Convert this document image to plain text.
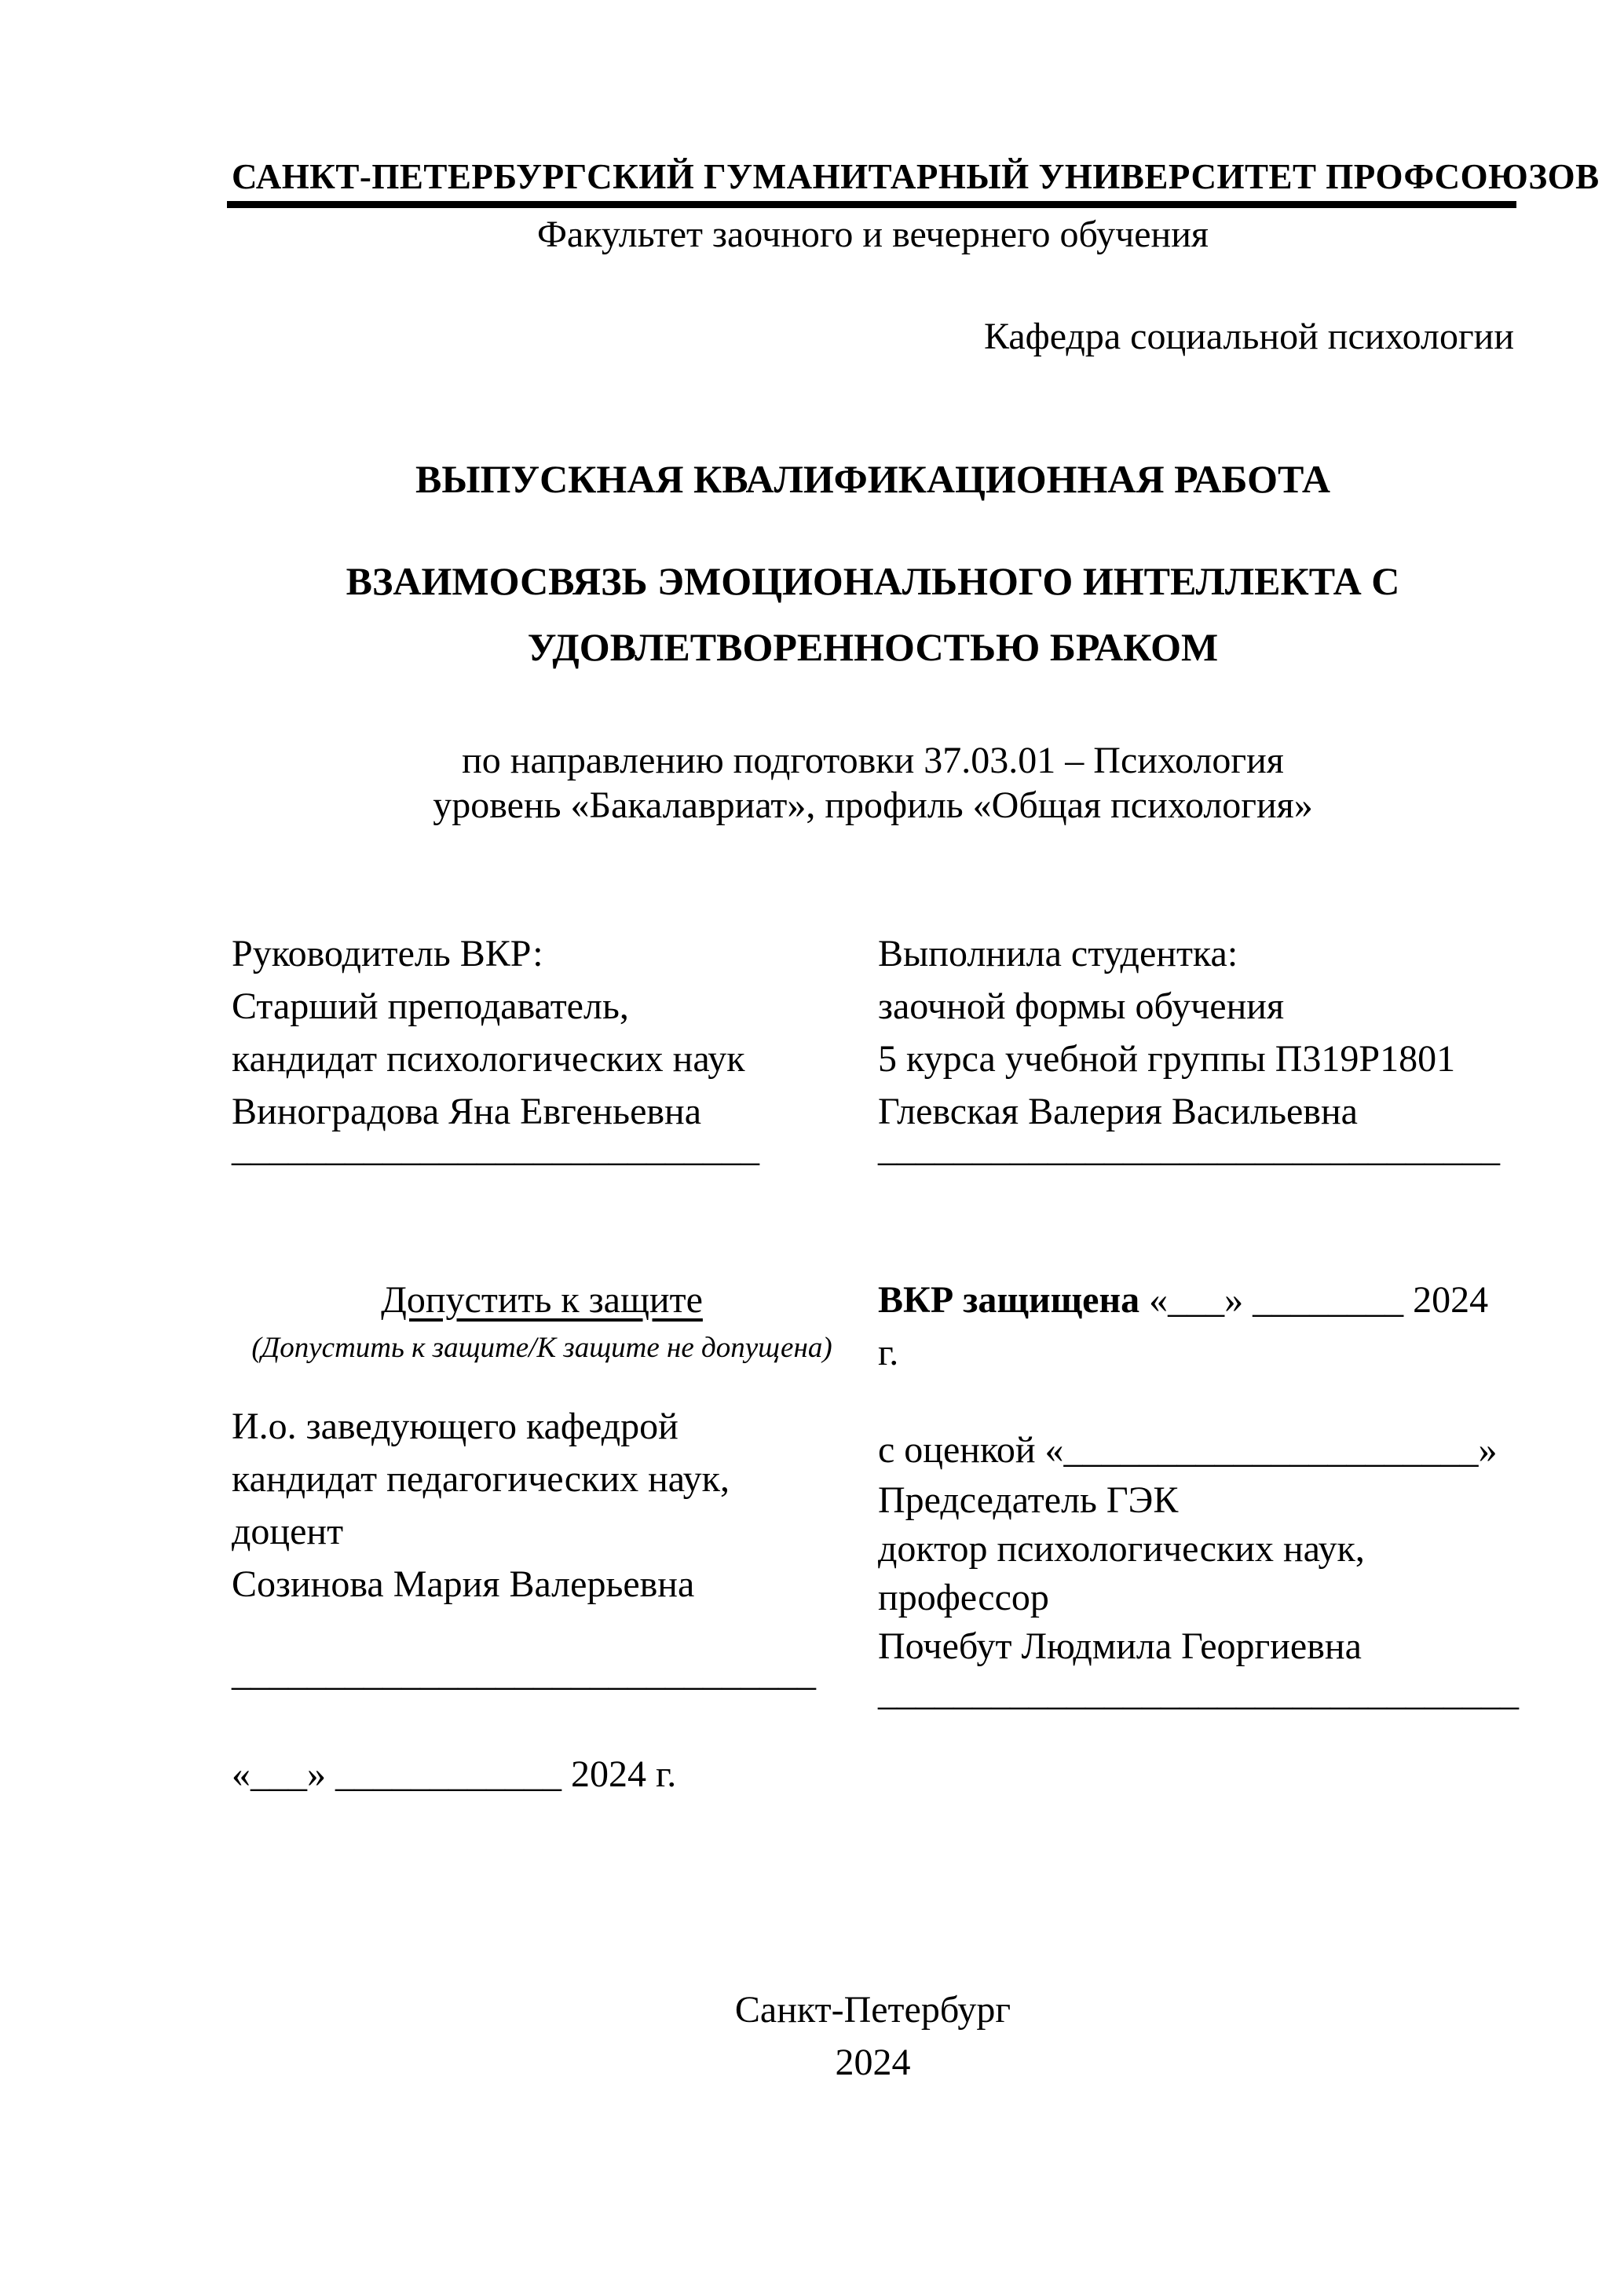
САНКТ-ПЕТЕРБУРГСКИЙ ГУМАНИТАРНЫЙ УНИВЕРСИТЕТ ПРОФСОЮЗОВ
Факультет заочного и вечернего обучения
Кафедра социальной психологии
ВЫПУСКНАЯ КВАЛИФИКАЦИОННАЯ РАБОТА
ВЗАИМОСВЯЗЬ ЭМОЦИОНАЛЬНОГО ИНТЕЛЛЕКТА С
УДОВЛЕТВОРЕННОСТЬЮ БРАКОМ
по направлению подготовки 37.03.01 – Психология
уровень «Бакалавриат», профиль «Общая психология»
Руководитель ВКР:
Старший преподаватель,
кандидат психологических наук
Виноградова Яна Евгеньевна
Выполнила студентка:
заочной формы обучения
5 курса учебной группы П319Р1801
Глевская Валерия Васильевна
____________________________	_________________________________
Допустить к защите
(Допустить к защите/К защите не допущена)
И.о. заведующего кафедрой
кандидат педагогических наук,
доцент
Созинова Мария Валерьевна
ВКР защищена «___» ________ 2024 г.
с оценкой «______________________»
Председатель ГЭК
доктор психологических наук,
профессор
Почебут Людмила Георгиевна
_______________________________	__________________________________
«___» ____________ 2024 г.
Санкт-Петербург
2024
